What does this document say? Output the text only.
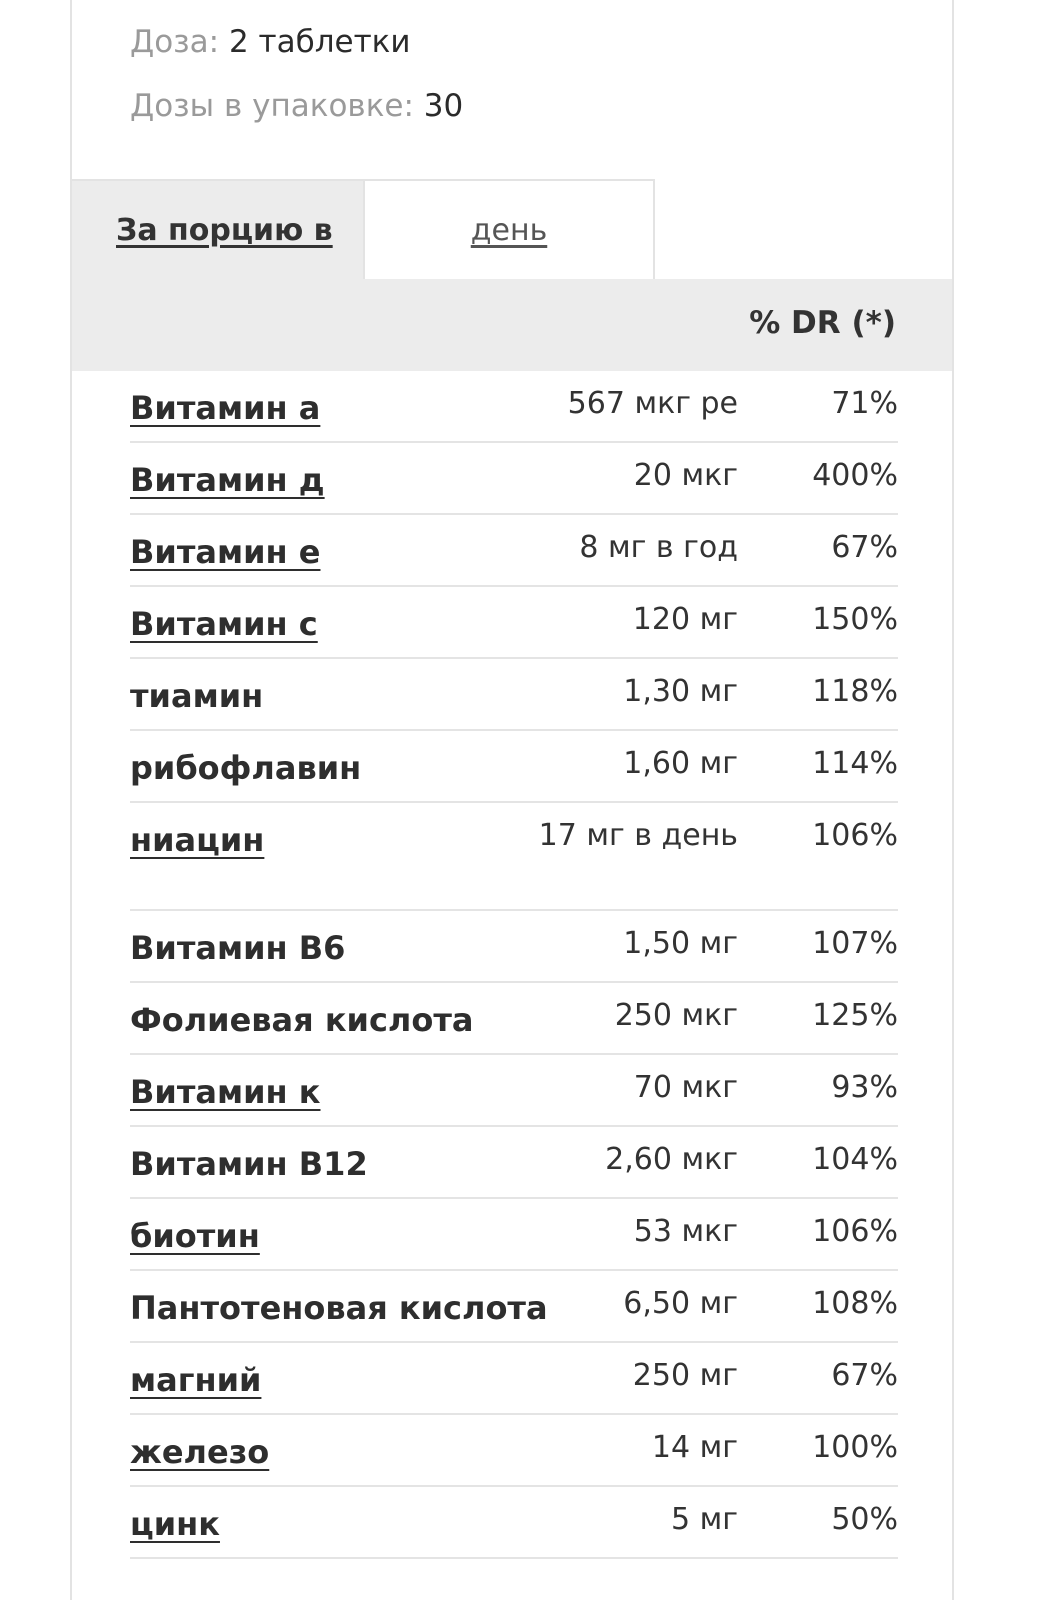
Доза: 2 таблетки
Дозы в упаковке: 30
За порцию в	день
% DR (*)
Витамин а	567 мкг ре	71%
Витамин д	20 мкг	400%
Витамин е	8 мг в год	67%
Витамин с	120 мг	150%
тиамин	1,30 мг	118%
рибофлавин	1,60 мг	114%
ниацин	17 мг в день	106%
Витамин В6	1,50 мг	107%
Фолиевая кислота	250 мкг	125%
Витамин к	70 мкг	93%
Витамин В12	2,60 мкг	104%
биотин	53 мкг	106%
Пантотеновая кислота	6,50 мг	108%
магний	250 мг	67%
железо	14 мг	100%
цинк	5 мг	50%
